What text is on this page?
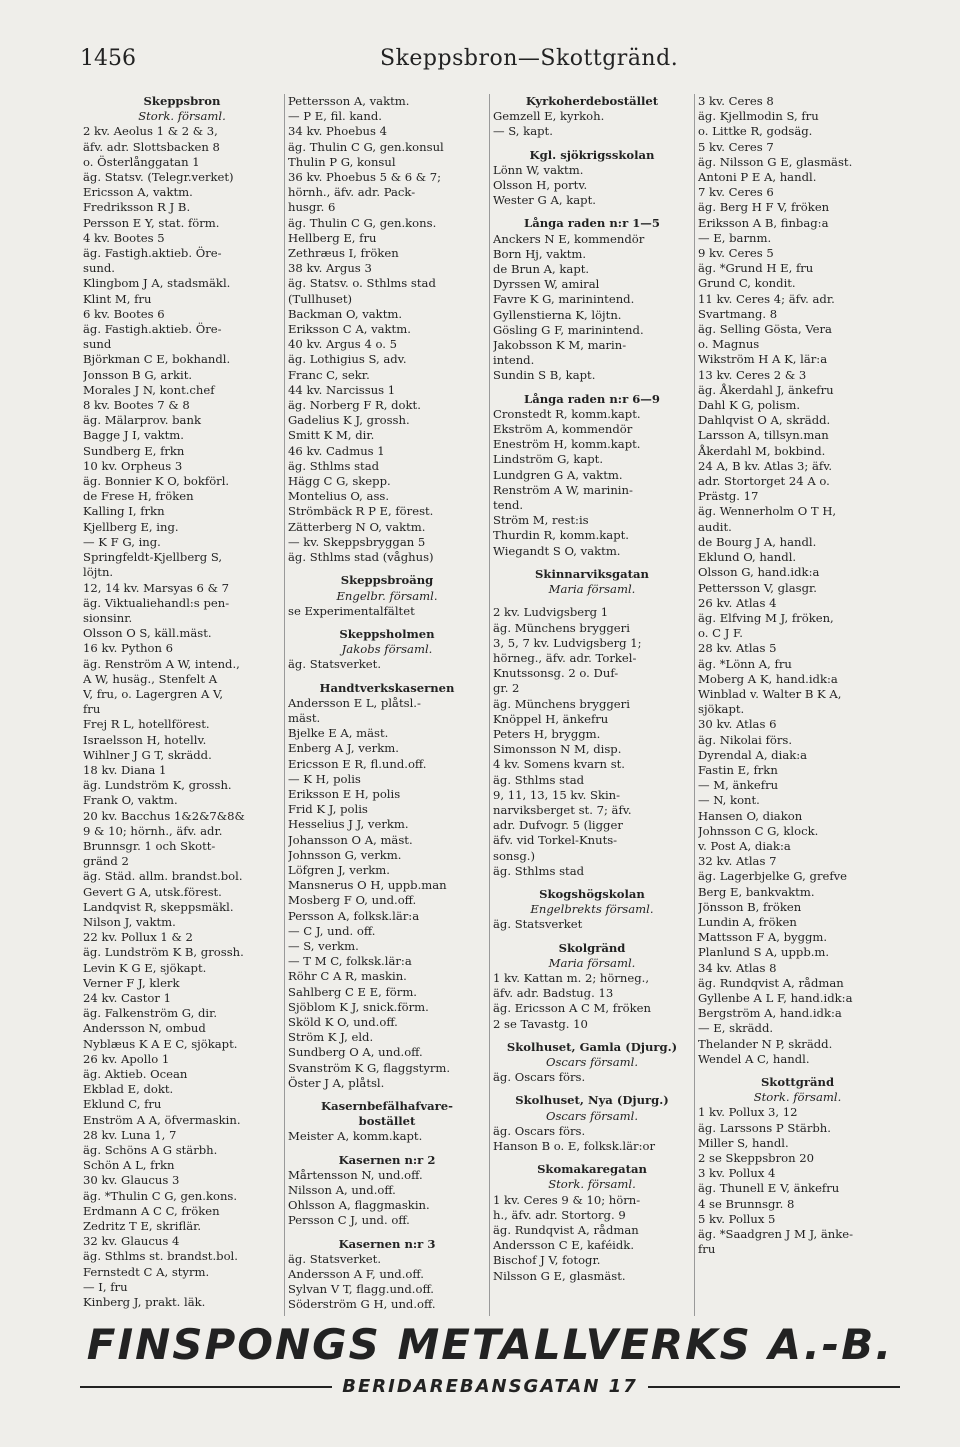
1456	Skeppsbron—Skottgränd.
Skeppsbron
Stork. församl.
2 kv. Aeolus 1 & 2 & 3,
äfv. adr. Slottsbacken 8
o. Österlånggatan 1
äg. Statsv. (Telegr.verket)
Ericsson A, vaktm.
Fredriksson R J B.
Persson E Y, stat. förm.
4 kv. Bootes 5
äg. Fastigh.aktieb. Öre-
sund.
Klingbom J A, stadsmäkl.
Klint M, fru
6 kv. Bootes 6
äg. Fastigh.aktieb. Öre-
sund
Björkman C E, bokhandl.
Jonsson B G, arkit.
Morales J N, kont.chef
8 kv. Bootes 7 & 8
äg. Mälarprov. bank
Bagge J I, vaktm.
Sundberg E, frkn
10 kv. Orpheus 3
äg. Bonnier K O, bokförl.
de Frese H, fröken
Kalling I, frkn
Kjellberg E, ing.
— K F G, ing.
Springfeldt-Kjellberg S,
löjtn.
12, 14 kv. Marsyas 6 & 7
äg. Viktualiehandl:s pen-
sionsinr.
Olsson O S, käll.mäst.
16 kv. Python 6
äg. Renström A W, intend.,
A W, husäg., Stenfelt A
V, fru, o. Lagergren A V,
fru
Frej R L, hotellförest.
Israelsson H, hotellv.
Wihlner J G T, skrädd.
18 kv. Diana 1
äg. Lundström K, grossh.
Frank O, vaktm.
20 kv. Bacchus 1&2&7&8&
9 & 10; hörnh., äfv. adr.
Brunnsgr. 1 och Skott-
gränd 2
äg. Städ. allm. brandst.bol.
Gevert G A, utsk.förest.
Landqvist R, skeppsmäkl.
Nilson J, vaktm.
22 kv. Pollux 1 & 2
äg. Lundström K B, grossh.
Levin K G E, sjökapt.
Verner F J, klerk
24 kv. Castor 1
äg. Falkenström G, dir.
Andersson N, ombud
Nyblæus K A E C, sjökapt.
26 kv. Apollo 1
äg. Aktieb. Ocean
Ekblad E, dokt.
Eklund C, fru
Enström A A, öfvermaskin.
28 kv. Luna 1, 7
äg. Schöns A G stärbh.
Schön A L, frkn
30 kv. Glaucus 3
äg. *Thulin C G, gen.kons.
Erdmann A C C, fröken
Zedritz T E, skriflär.
32 kv. Glaucus 4
äg. Sthlms st. brandst.bol.
Fernstedt C A, styrm.
— I, fru
Kinberg J, prakt. läk.
Pettersson A, vaktm.
— P E, fil. kand.
34 kv. Phoebus 4
äg. Thulin C G, gen.konsul
Thulin P G, konsul
36 kv. Phoebus 5 & 6 & 7;
hörnh., äfv. adr. Pack-
husgr. 6
äg. Thulin C G, gen.kons.
Hellberg E, fru
Zethræus I, fröken
38 kv. Argus 3
äg. Statsv. o. Sthlms stad
(Tullhuset)
Backman O, vaktm.
Eriksson C A, vaktm.
40 kv. Argus 4 o. 5
äg. Lothigius S, adv.
Franc C, sekr.
44 kv. Narcissus 1
äg. Norberg F R, dokt.
Gadelius K J, grossh.
Smitt K M, dir.
46 kv. Cadmus 1
äg. Sthlms stad
Hägg C G, skepp.
Montelius O, ass.
Strömbäck R P E, förest.
Zätterberg N O, vaktm.
— kv. Skeppsbryggan 5
äg. Sthlms stad (våghus)
Skeppsbroäng
Engelbr. församl.
se Experimentalfältet
Skeppsholmen
Jakobs församl.
äg. Statsverket.
Handtverkskasernen
Andersson E L, plåtsl.-
mäst.
Bjelke E A, mäst.
Enberg A J, verkm.
Ericsson E R, fl.und.off.
— K H, polis
Eriksson E H, polis
Frid K J, polis
Hesselius J J, verkm.
Johansson O A, mäst.
Johnsson G, verkm.
Löfgren J, verkm.
Mansnerus O H, uppb.man
Mosberg F O, und.off.
Persson A, folksk.lär:a
— C J, und. off.
— S, verkm.
— T M C, folksk.lär:a
Röhr C A R, maskin.
Sahlberg C E E, förm.
Sjöblom K J, snick.förm.
Sköld K O, und.off.
Ström K J, eld.
Sundberg O A, und.off.
Svanström K G, flaggstyrm.
Öster J A, plåtsl.
Kasernbefälhafvare-
bostället
Meister A, komm.kapt.
Kasernen n:r 2
Mårtensson N, und.off.
Nilsson A, und.off.
Ohlsson A, flaggmaskin.
Persson C J, und. off.
Kasernen n:r 3
äg. Statsverket.
Andersson A F, und.off.
Sylvan V T, flagg.und.off.
Söderström G H, und.off.
Kyrkoherdebostället
Gemzell E, kyrkoh.
— S, kapt.
Kgl. sjökrigsskolan
Lönn W, vaktm.
Olsson H, portv.
Wester G A, kapt.
Långa raden n:r 1—5
Anckers N E, kommendör
Born Hj, vaktm.
de Brun A, kapt.
Dyrssen W, amiral
Favre K G, marinintend.
Gyllenstierna K, löjtn.
Gösling G F, marinintend.
Jakobsson K M, marin-
intend.
Sundin S B, kapt.
Långa raden n:r 6—9
Cronstedt R, komm.kapt.
Ekström A, kommendör
Eneström H, komm.kapt.
Lindström G, kapt.
Lundgren G A, vaktm.
Renström A W, marinin-
tend.
Ström M, rest:is
Thurdin R, komm.kapt.
Wiegandt S O, vaktm.
Skinnarviksgatan
Maria församl.
2 kv. Ludvigsberg 1
äg. Münchens bryggeri
3, 5, 7 kv. Ludvigsberg 1;
hörneg., äfv. adr. Torkel-
Knutssonsg. 2 o. Duf-
gr. 2
äg. Münchens bryggeri
Knöppel H, änkefru
Peters H, bryggm.
Simonsson N M, disp.
4 kv. Somens kvarn st.
äg. Sthlms stad
9, 11, 13, 15 kv. Skin-
narviksberget st. 7; äfv.
adr. Dufvogr. 5 (ligger
äfv. vid Torkel-Knuts-
sonsg.)
äg. Sthlms stad
Skogshögskolan
Engelbrekts församl.
äg. Statsverket
Skolgränd
Maria församl.
1 kv. Kattan m. 2; hörneg.,
äfv. adr. Badstug. 13
äg. Ericsson A C M, fröken
2 se Tavastg. 10
Skolhuset, Gamla (Djurg.)
Oscars församl.
äg. Oscars förs.
Skolhuset, Nya (Djurg.)
Oscars församl.
äg. Oscars förs.
Hanson B o. E, folksk.lär:or
Skomakaregatan
Stork. församl.
1 kv. Ceres 9 & 10; hörn-
h., äfv. adr. Stortorg. 9
äg. Rundqvist A, rådman
Andersson C E, kaféidk.
Bischof J V, fotogr.
Nilsson G E, glasmäst.
3 kv. Ceres 8
äg. Kjellmodin S, fru
o. Littke R, godsäg.
5 kv. Ceres 7
äg. Nilsson G E, glasmäst.
Antoni P E A, handl.
7 kv. Ceres 6
äg. Berg H F V, fröken
Eriksson A B, finbag:a
— E, barnm.
9 kv. Ceres 5
äg. *Grund H E, fru
Grund C, kondit.
11 kv. Ceres 4; äfv. adr.
Svartmang. 8
äg. Selling Gösta, Vera
o. Magnus
Wikström H A K, lär:a
13 kv. Ceres 2 & 3
äg. Åkerdahl J, änkefru
Dahl K G, polism.
Dahlqvist O A, skrädd.
Larsson A, tillsyn.man
Åkerdahl M, bokbind.
24 A, B kv. Atlas 3; äfv.
adr. Stortorget 24 A o.
Prästg. 17
äg. Wennerholm O T H,
audit.
de Bourg J A, handl.
Eklund O, handl.
Olsson G, hand.idk:a
Pettersson V, glasgr.
26 kv. Atlas 4
äg. Elfving M J, fröken,
o. C J F.
28 kv. Atlas 5
äg. *Lönn A, fru
Moberg A K, hand.idk:a
Winblad v. Walter B K A,
sjökapt.
30 kv. Atlas 6
äg. Nikolai förs.
Dyrendal A, diak:a
Fastin E, frkn
— M, änkefru
— N, kont.
Hansen O, diakon
Johnsson C G, klock.
v. Post A, diak:a
32 kv. Atlas 7
äg. Lagerbjelke G, grefve
Berg E, bankvaktm.
Jönsson B, fröken
Lundin A, fröken
Mattsson F A, byggm.
Planlund S A, uppb.m.
34 kv. Atlas 8
äg. Rundqvist A, rådman
Gyllenbe A L F, hand.idk:a
Bergström A, hand.idk:a
— E, skrädd.
Thelander N P, skrädd.
Wendel A C, handl.
Skottgränd
Stork. församl.
1 kv. Pollux 3, 12
äg. Larssons P Stärbh.
Miller S, handl.
2 se Skeppsbron 20
3 kv. Pollux 4
äg. Thunell E V, änkefru
4 se Brunnsgr. 8
5 kv. Pollux 5
äg. *Saadgren J M J, änke-
fru
FINSPONGS METALLVERKS A.-B.
BERIDAREBANSGATAN 17
